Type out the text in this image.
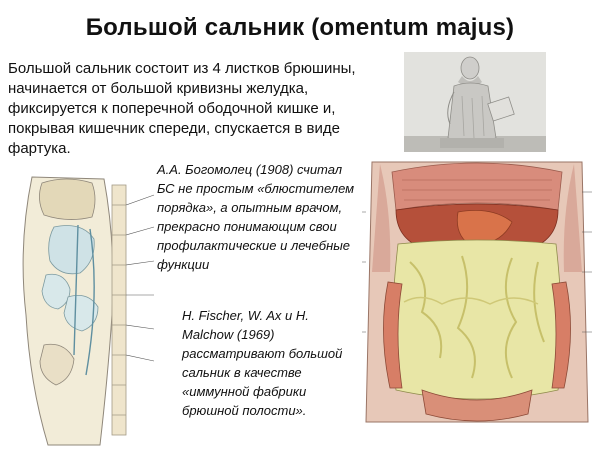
Большой сальник (omentum majus)
Большой сальник состоит из 4 листков брюшины, начинается от большой кривизны желудка, фиксируется к поперечной ободочной кишке и, покрывая кишечник спереди, спускается в виде фартука.
А.А. Богомолец (1908) считал БС не простым «блюстителем порядка», а опытным врачом, прекрасно понимающим свои профилактические и лечебные функции
H. Fischer, W. Ax и H. Malchow (1969) рассматривают большой сальник в качестве «иммунной фабрики брюшной полости».
